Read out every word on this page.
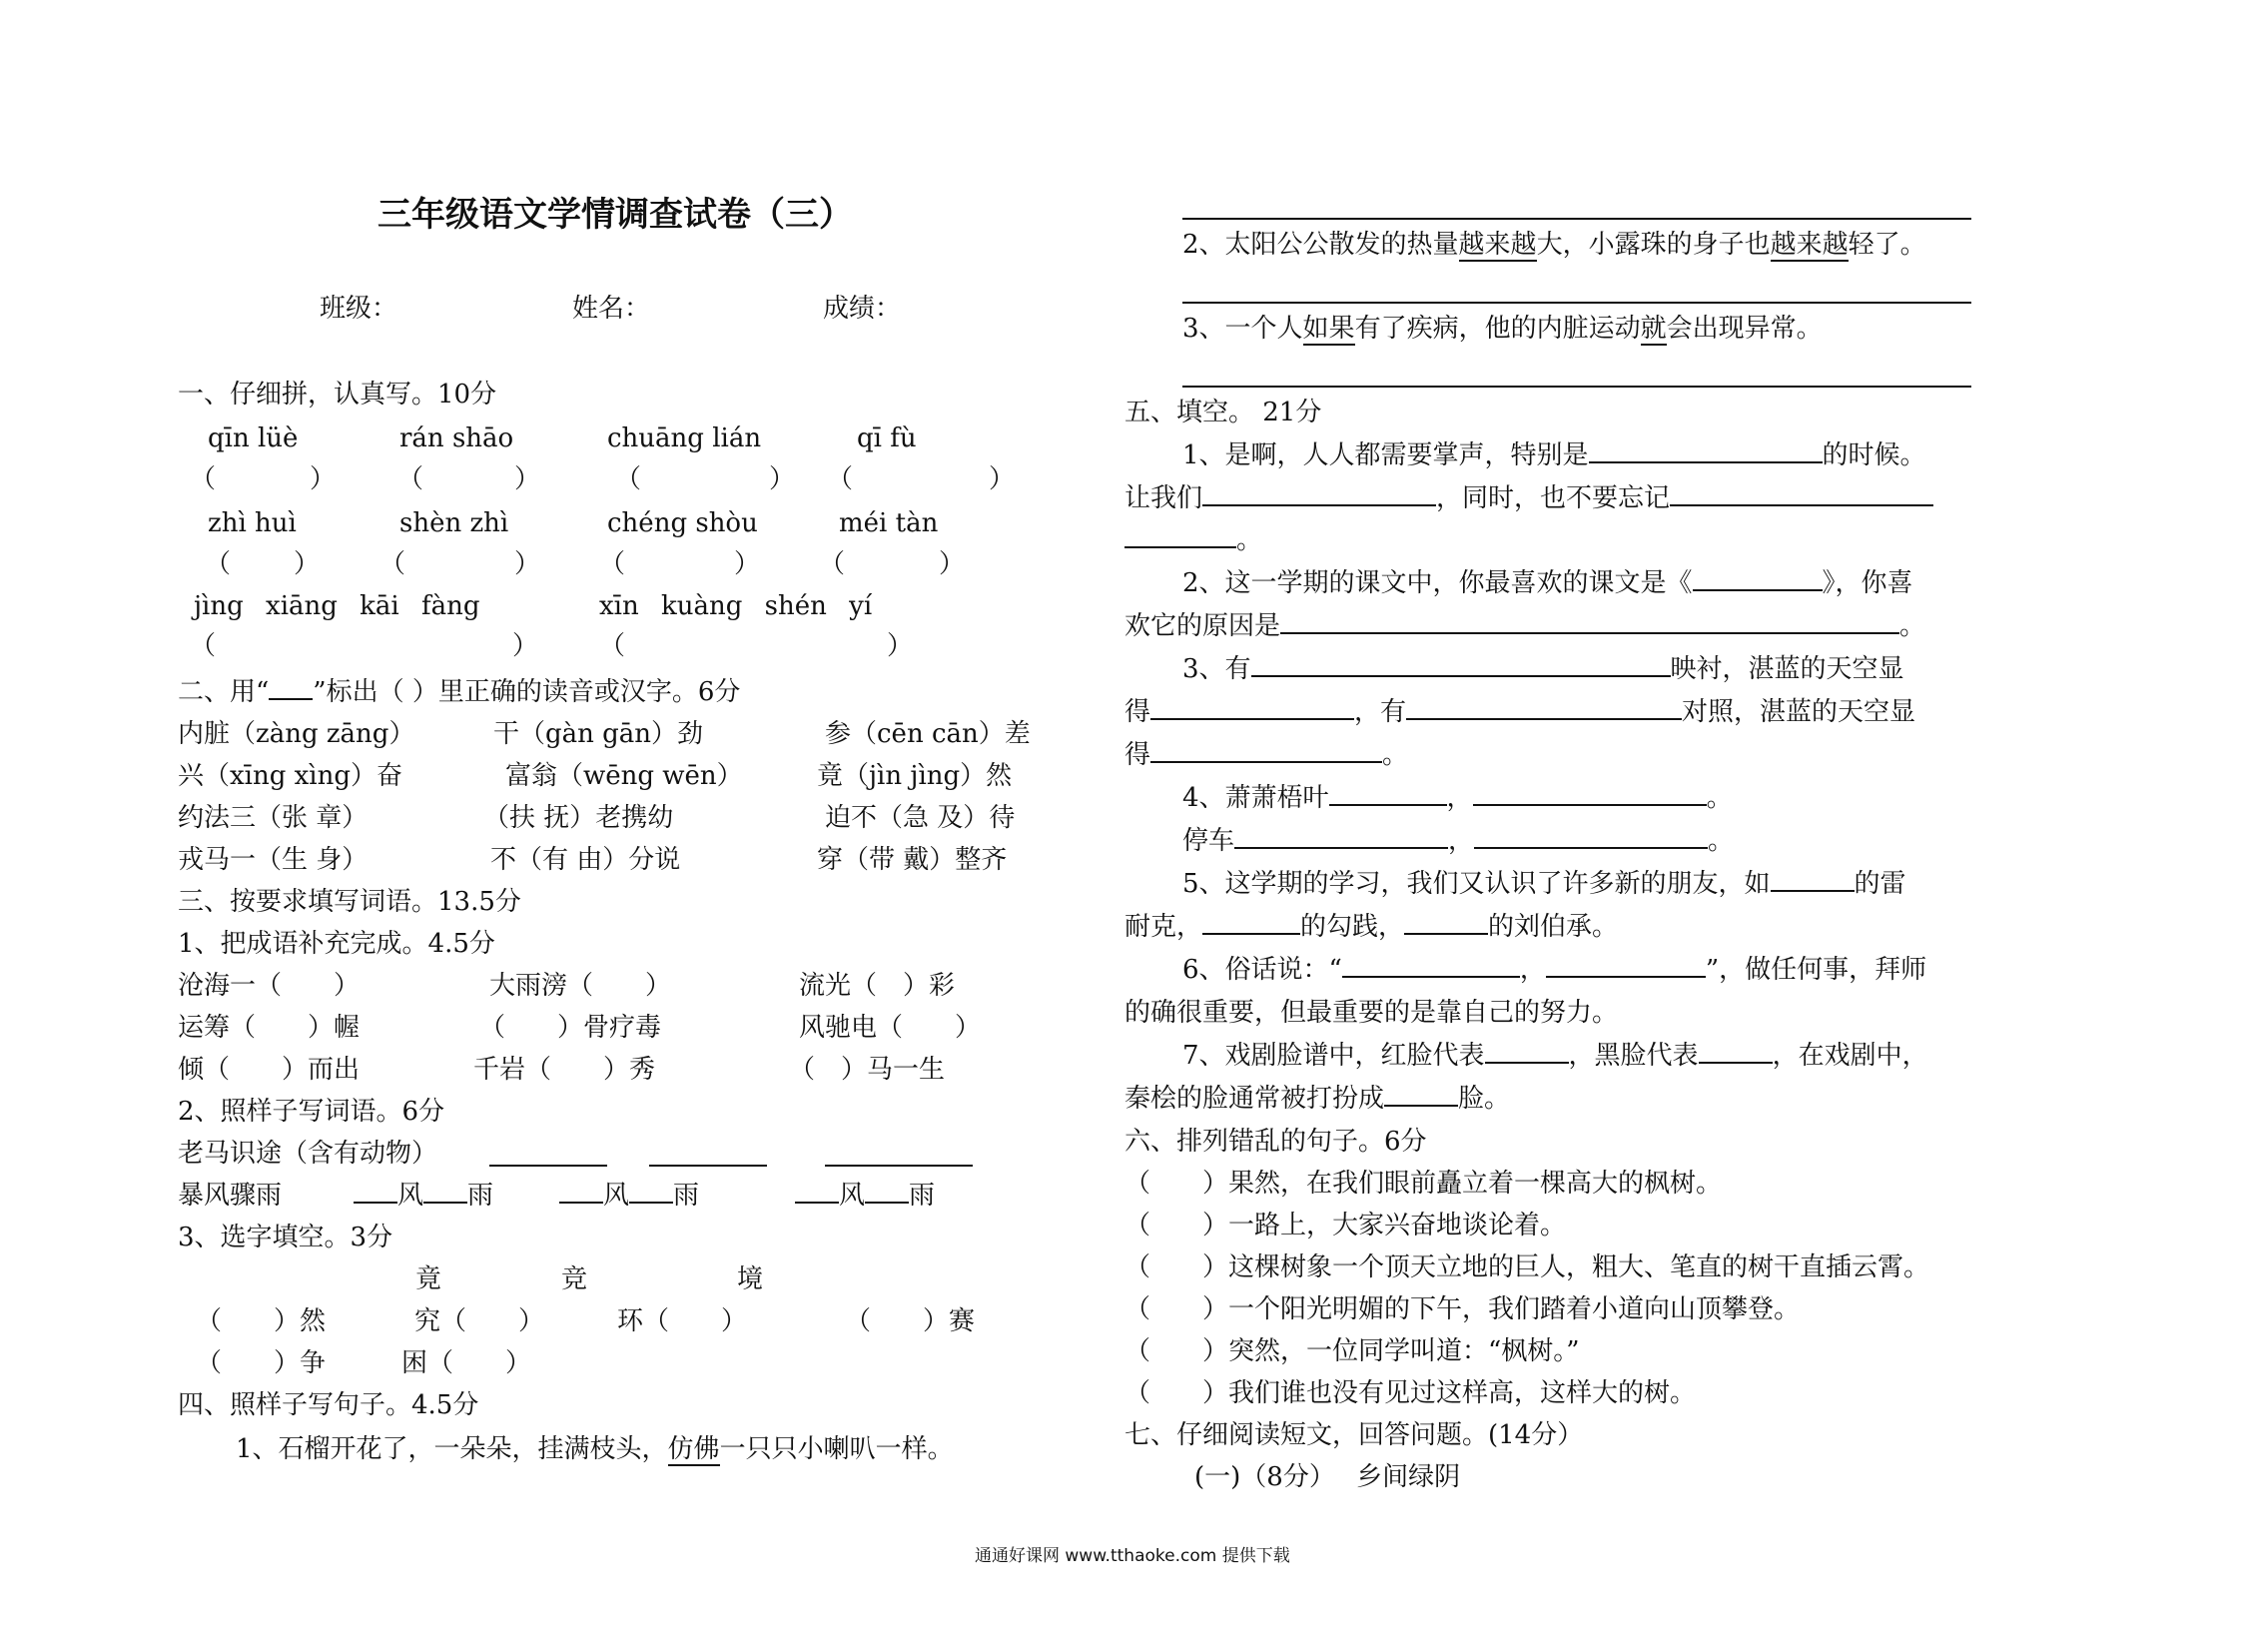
三年级语文学情调查试卷（三）
班级：	姓名：	成绩：
一、仔细拼，认真写。10分
qīn lüè	rán shāo	chuāng lián	qī fù
（	） （	）	（	） （	）
zhì huì	shèn zhì	chéng shòu	méi tàn
（ ） （	） （	） （	）
jìng xiāng kāi fàng	xīn kuàng shén yí
（	） （	）
二、用“ ”标出（ ）里正确的读音或汉字。6分
内脏（zàng zāng）	干（gàn gān）劲	参（cēn cān）差
兴（xīng xìng）奋	富翁（wēng wēn）	竟（jìn jìng）然
约法三（张 章）	（扶 抚）老携幼	迫不（急 及）待
戎马一（生 身）	不（有 由）分说	穿（带 戴）整齐
三、按要求填写词语。13.5分
1、把成语补充完成。4.5分
沧海一（　　）	大雨滂（　　）	流光（　）彩
运筹（　　）幄	（　　）骨疗毒	风驰电（　　）
倾（　　）而出	千岩（　　）秀	（　）马一生
2、照样子写词语。6分
老马识途（含有动物）
暴风骤雨	风 雨	风 雨	风 雨
3、选字填空。3分
竟	竞	境
（　　）然	究（　　）	环（　　）	（　　）赛
（　　）争	困（　　）
四、照样子写句子。4.5分
1、石榴开花了，一朵朵，挂满枝头，仿佛一只只小喇叭一样。
2、太阳公公散发的热量越来越大，小露珠的身子也越来越轻了。
3、一个人如果有了疾病，他的内脏运动就会出现异常。
五、填空。 21分
1、是啊，人人都需要掌声，特别是	的时候。
让我们	，同时，也不要忘记
。
2、这一学期的课文中，你最喜欢的课文是《	》，你喜
欢它的原因是	。
3、有	映衬，湛蓝的天空显
得	，有	对照，湛蓝的天空显
得	。
4、萧萧梧叶	，	。
停车	，	。
5、这学期的学习，我们又认识了许多新的朋友，如	的雷
耐克，	的勾践，	的刘伯承。
6、俗话说：“	，	”，做任何事，拜师
的确很重要，但最重要的是靠自己的努力。
7、戏剧脸谱中，红脸代表	，黑脸代表	，在戏剧中，
秦桧的脸通常被打扮成	脸。
六、排列错乱的句子。6分
（　　）果然，在我们眼前矗立着一棵高大的枫树。
（　　）一路上，大家兴奋地谈论着。
（　　）这棵树象一个顶天立地的巨人，粗大、笔直的树干直插云霄。
（　　）一个阳光明媚的下午，我们踏着小道向山顶攀登。
（　　）突然，一位同学叫道：“枫树。”
（　　）我们谁也没有见过这样高，这样大的树。
七、仔细阅读短文，回答问题。(14分）
(一)（8分）　 乡间绿阴
通通好课网 www.tthaoke.com 提供下载
